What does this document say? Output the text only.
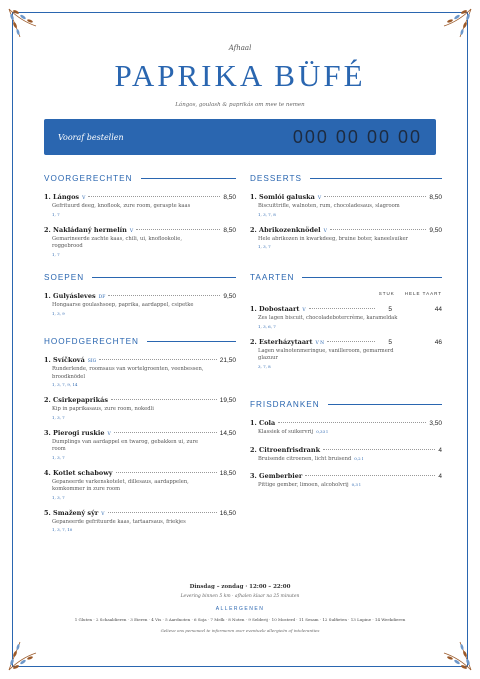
Afhaal
PAPRIKA BÜFÉ
Lángos, goulash & paprikás om mee te nemen
Vooraf bestellen	000 00 00 00
VOORGERECHTEN
1. Lángos V	8,50
Gefrituurd deeg, knoflook, zure room, geraspte kaas
1, 7
2. Nakládaný hermelín V	8,50
Gemarineerde zachte kaas, chili, ui, knoflookolie, roggebrood
1, 7
SOEPEN
1. Gulyásleves DF	9,50
Hongaarse goulashsoep, paprika, aardappel, csipetke
1, 3, 9
HOOFDGERECHTEN
1. Svíčková SIG	21,50
Runderlende, roomsaus van wortelgroenten, veenbessen, broodknödel
1, 3, 7, 9, 14
2. Csirkepaprikás	19,50
Kip in paprikasaus, zure room, nokedli
1, 3, 7
3. Pierogi ruskie V	14,50
Dumplings van aardappel en twarog, gebakken ui, zure room
1, 3, 7
4. Kotlet schabowy	18,50
Gepaneerde varkenskotelet, dillesaus, aardappelen, komkommer in zure room
1, 3, 7
5. Smažený sýr V	16,50
Gepaneerde gefrituurde kaas, tartaarsaus, friekjes
1, 3, 7, 10
DESSERTS
1. Somlói galuska V	8,50
Biscuittrifle, walnoten, rum, chocoladesaus, slagroom
1, 3, 7, 8
2. Abrikozenknödel V	9,50
Hele abrikozen in kwarkdeeg, bruine boter, kaneelsuiker
1, 3, 7
TAARTEN
STUK HELE TAART
1. Dobostaart V	5	44
Zes lagen biscuit, chocoladebotercrème, karameldak
1, 3, 6, 7
2. Esterházytaart V N	5	46
Lagen walnotenmeringue, vanilleroom, gemarmerd glazuur
3, 7, 8
FRISDRANKEN
1. Cola	3,50
Klassiek of suikervrij 0,33 l
2. Citroenfrisdrank	4
Bruisende citroenen, licht bruisend 0,2 l
3. Gemberbier	4
Pittige gember, limoen, alcoholvrij 0,3 l
Dinsdag – zondag · 12:00 – 22:00
Levering binnen 5 km · afhalen klaar na 25 minuten
ALLERGENEN
1 Gluten · 2 Schaaldieren · 3 Eieren · 4 Vis · 5 Aardnoten · 6 Soja · 7 Melk · 8 Noten · 9 Selderij · 10 Mosterd · 11 Sesam · 12 Sulfieten · 13 Lupine · 14 Weekdieren
Gelieve ons personeel te informeren over eventuele allergieën of intoleranties
